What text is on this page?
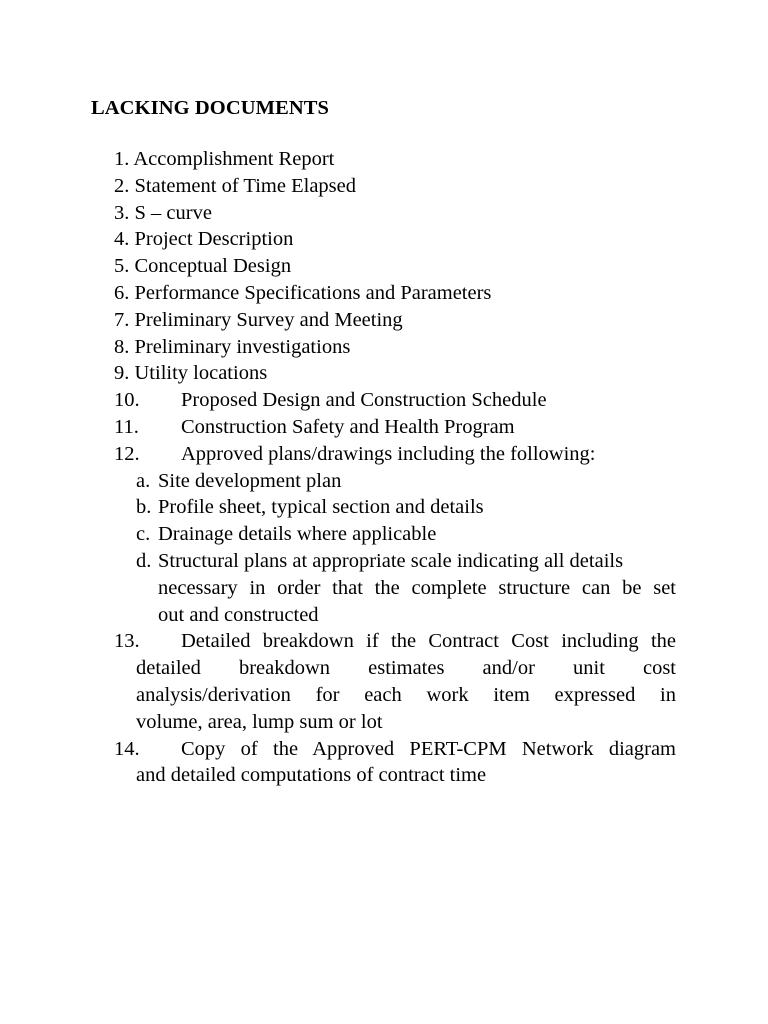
LACKING DOCUMENTS
1. Accomplishment Report
2. Statement of Time Elapsed
3. S – curve
4. Project Description
5. Conceptual Design
6. Performance Specifications and Parameters
7. Preliminary Survey and Meeting
8. Preliminary investigations
9. Utility locations
10. Proposed Design and Construction Schedule
11. Construction Safety and Health Program
12. Approved plans/drawings including the following:
a. Site development plan
b. Profile sheet, typical section and details
c. Drainage details where applicable
d. Structural plans at appropriate scale indicating all details
necessary in order that the complete structure can be set
out and constructed
13. Detailed breakdown if the Contract Cost including the
detailed breakdown estimates and/or unit cost
analysis/derivation for each work item expressed in
volume, area, lump sum or lot
14. Copy of the Approved PERT-CPM Network diagram
and detailed computations of contract time
